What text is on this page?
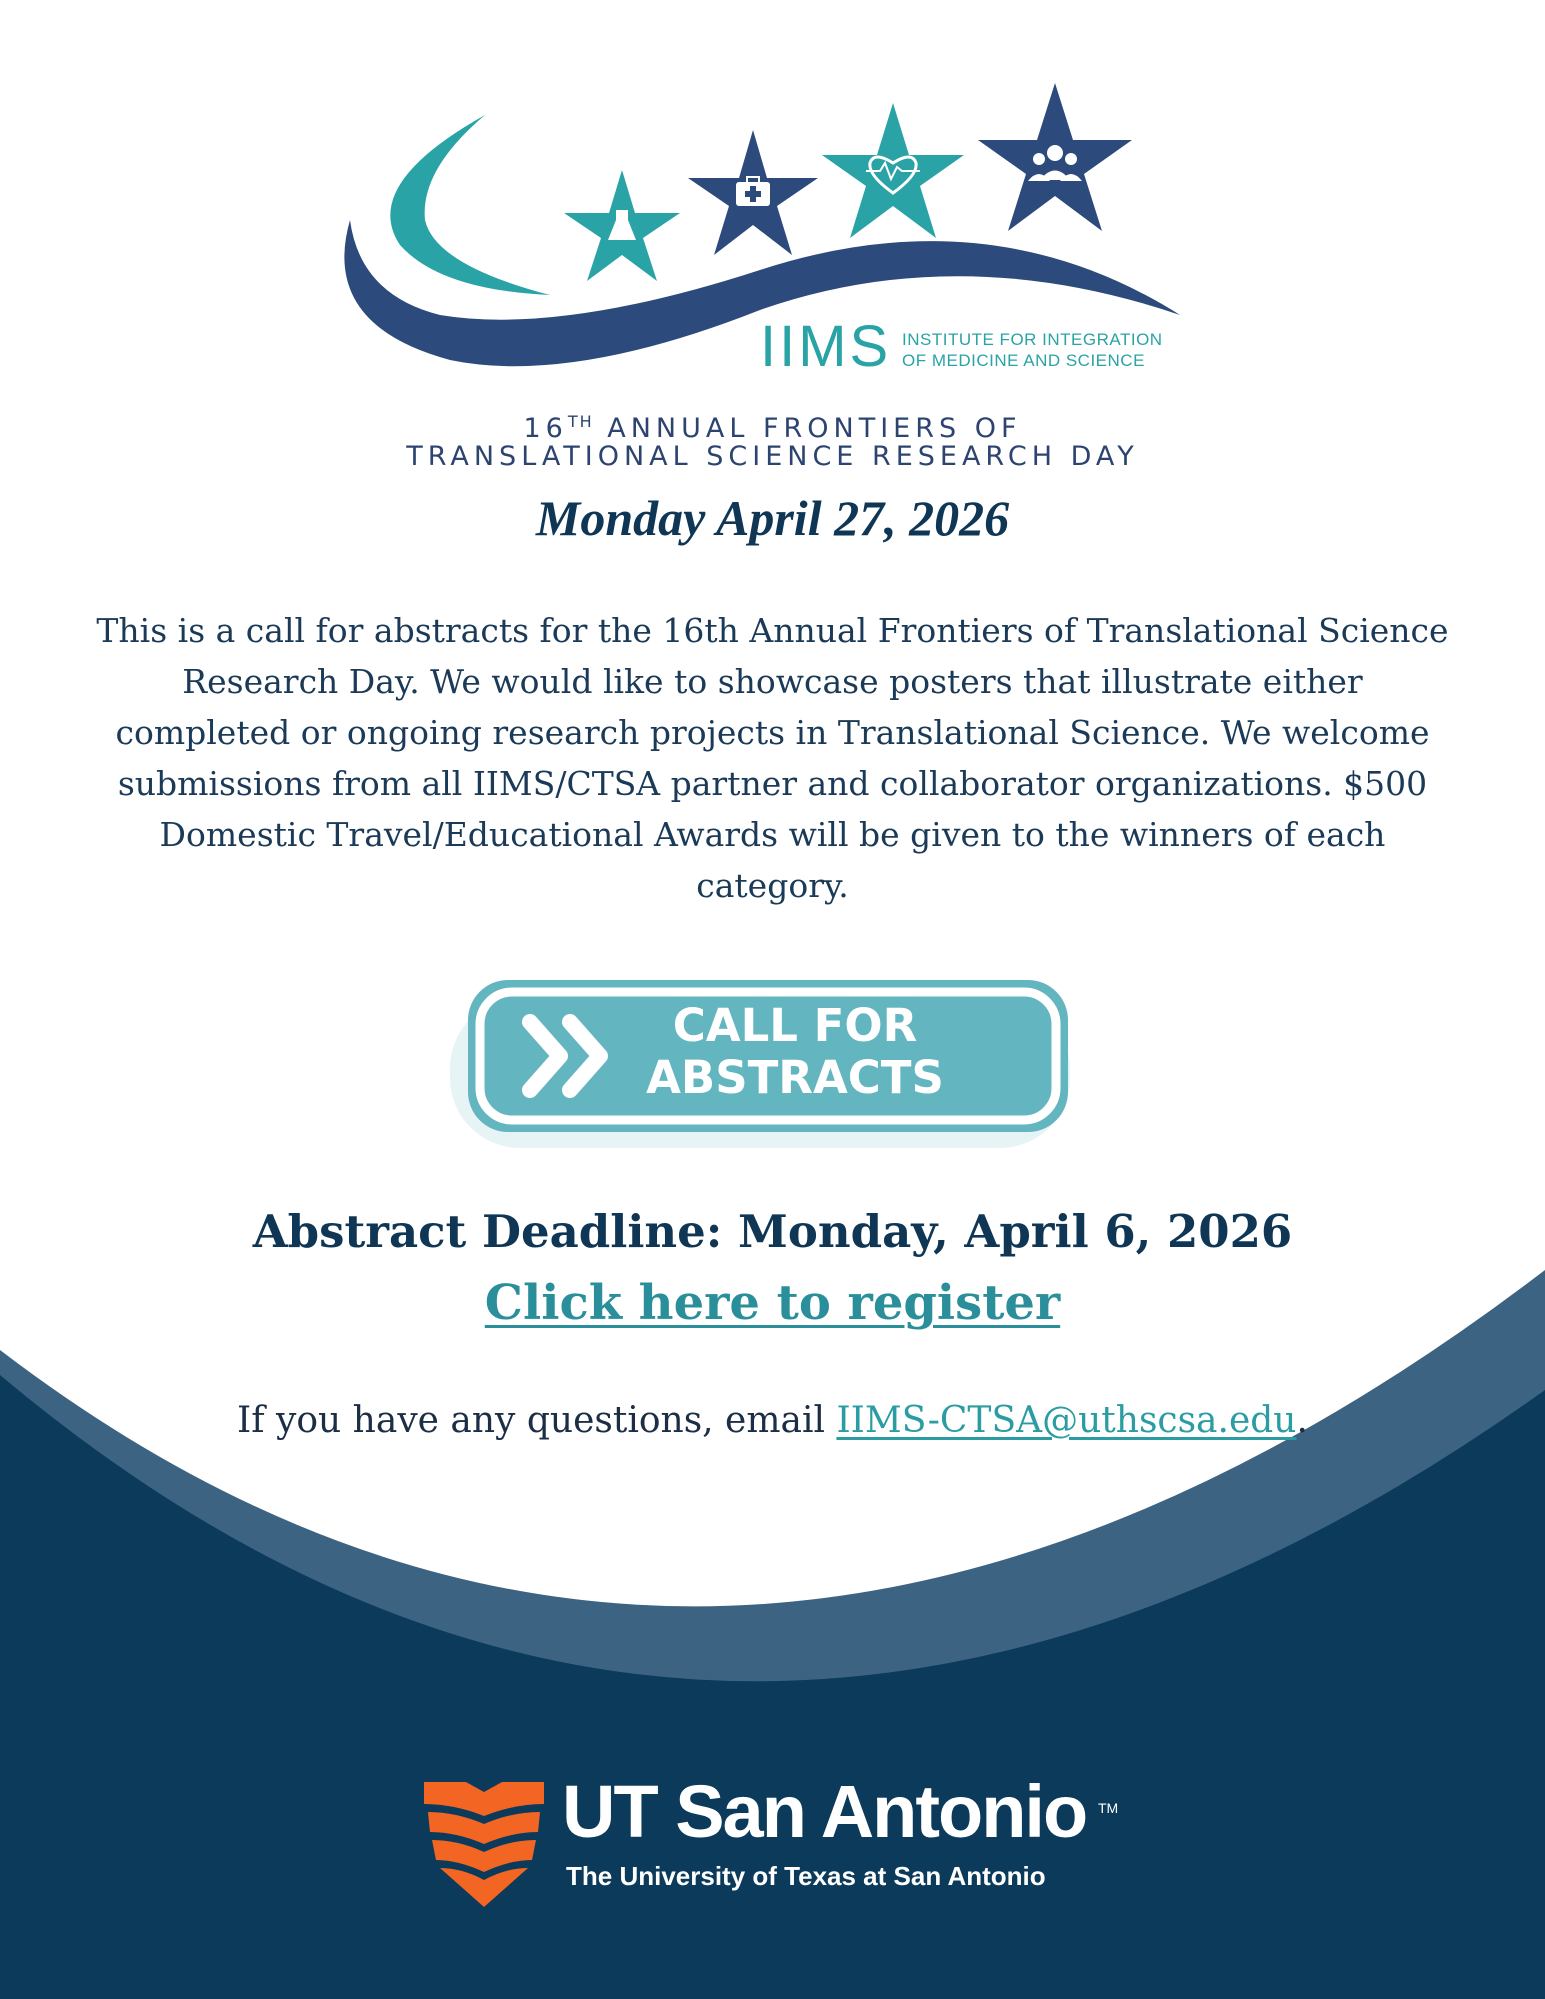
IIMS INSTITUTE FOR INTEGRATION
OF MEDICINE AND SCIENCE
16TH ANNUAL FRONTIERS OF
TRANSLATIONAL SCIENCE RESEARCH DAY
Monday April 27, 2026

This is a call for abstracts for the 16th Annual Frontiers of Translational Science Research Day. We would like to showcase posters that illustrate either completed or ongoing research projects in Translational Science. We welcome submissions from all IIMS/CTSA partner and collaborator organizations. $500 Domestic Travel/Educational Awards will be given to the winners of each category.

CALL FOR
ABSTRACTS
Abstract Deadline: Monday, April 6, 2026
Click here to register
If you have any questions, email IIMS-CTSA@uthscsa.edu.
UT San Antonio TM
The University of Texas at San Antonio
